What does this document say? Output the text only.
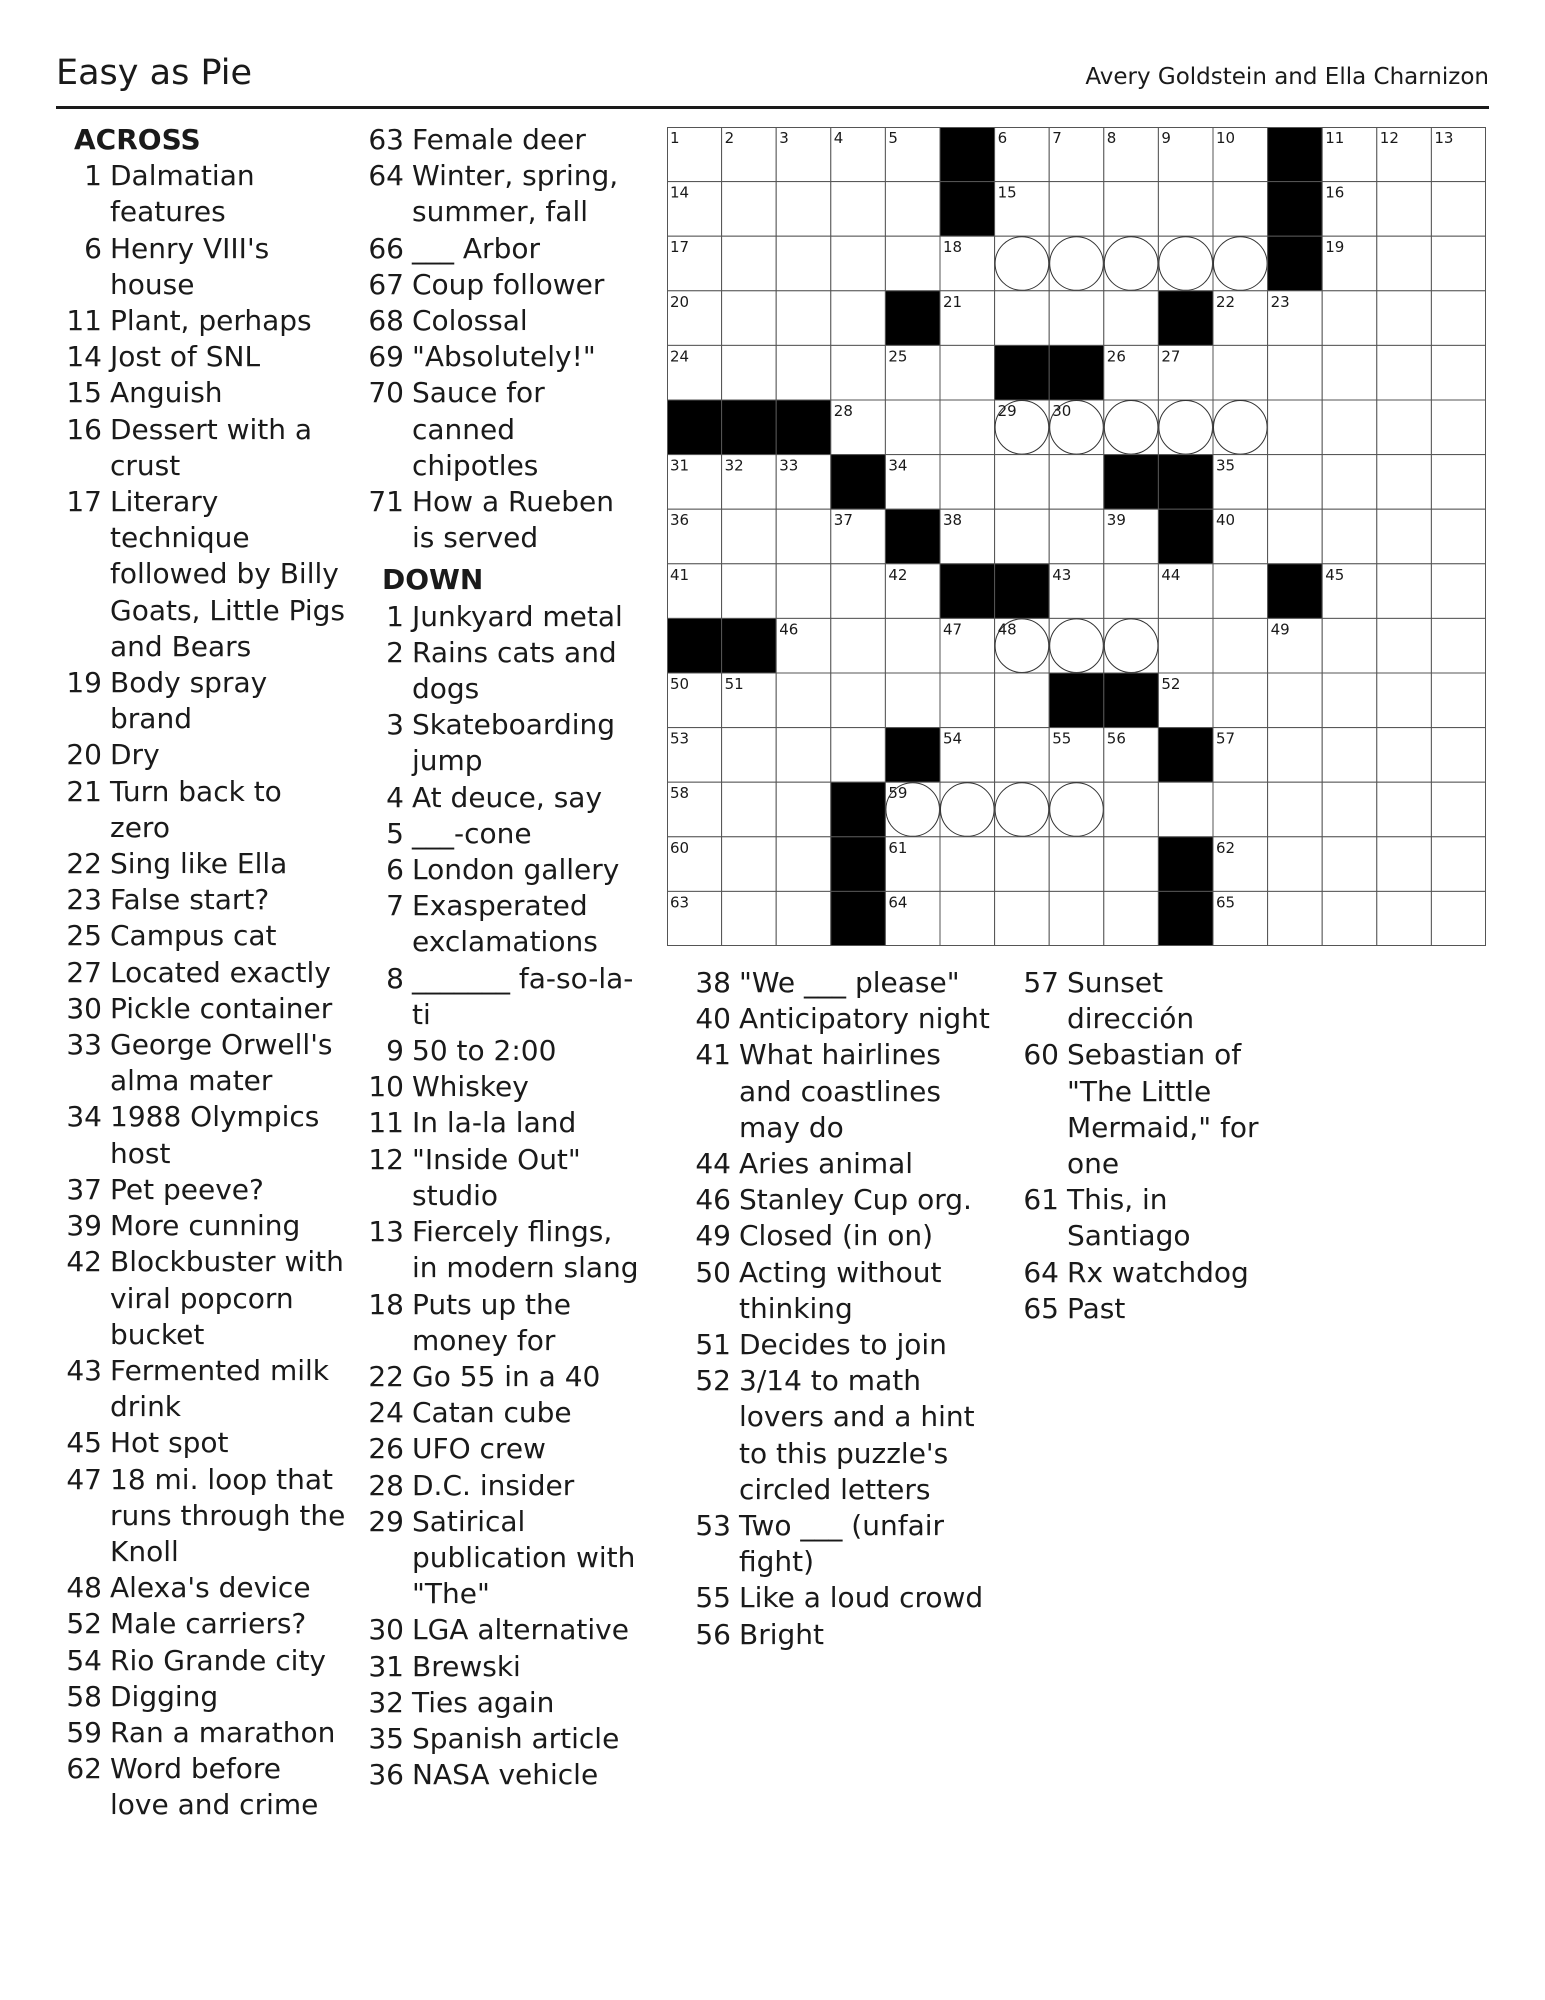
Easy as Pie	Avery Goldstein and Ella Charnizon
ACROSS
1 Dalmatian features
6 Henry VIII's house
11 Plant, perhaps
14 Jost of SNL
15 Anguish
16 Dessert with a crust
17 Literary technique followed by Billy Goats, Little Pigs and Bears
19 Body spray brand
20 Dry
21 Turn back to zero
22 Sing like Ella
23 False start?
25 Campus cat
27 Located exactly
30 Pickle container
33 George Orwell's alma mater
34 1988 Olympics host
37 Pet peeve?
39 More cunning
42 Blockbuster with viral popcorn bucket
43 Fermented milk drink
45 Hot spot
47 18 mi. loop that runs through the Knoll
48 Alexa's device
52 Male carriers?
54 Rio Grande city
58 Digging
59 Ran a marathon
62 Word before love and crime
63 Female deer
64 Winter, spring, summer, fall
66 ___ Arbor
67 Coup follower
68 Colossal
69 "Absolutely!"
70 Sauce for canned chipotles
71 How a Rueben is served
DOWN
1 Junkyard metal
2 Rains cats and dogs
3 Skateboarding jump
4 At deuce, say
5 ___-cone
6 London gallery
7 Exasperated exclamations
8 _______ fa-so-la-ti
9 50 to 2:00
10 Whiskey
11 In la-la land
12 "Inside Out" studio
13 Fiercely flings, in modern slang
18 Puts up the money for
22 Go 55 in a 40
24 Catan cube
26 UFO crew
28 D.C. insider
29 Satirical publication with "The"
30 LGA alternative
31 Brewski
32 Ties again
35 Spanish article
36 NASA vehicle
38 "We ___ please"
40 Anticipatory night
41 What hairlines and coastlines may do
44 Aries animal
46 Stanley Cup org.
49 Closed (in on)
50 Acting without thinking
51 Decides to join
52 3/14 to math lovers and a hint to this puzzle's circled letters
53 Two ___ (unfair fight)
55 Like a loud crowd
56 Bright
57 Sunset dirección
60 Sebastian of "The Little Mermaid," for one
61 This, in Santiago
64 Rx watchdog
65 Past
1	2	3	4	5	6	7	8	9	10	11 12 13
14	15	16
17	18	19
20	21	22 23
24	25	26 27
28	29 30
31 32 33	34	35
36	37	38	39	40
41	42	43	44	45
46	47 48	49
50 51	52
53	54	55 56	57
58	59
60	61	62
63	64	65
